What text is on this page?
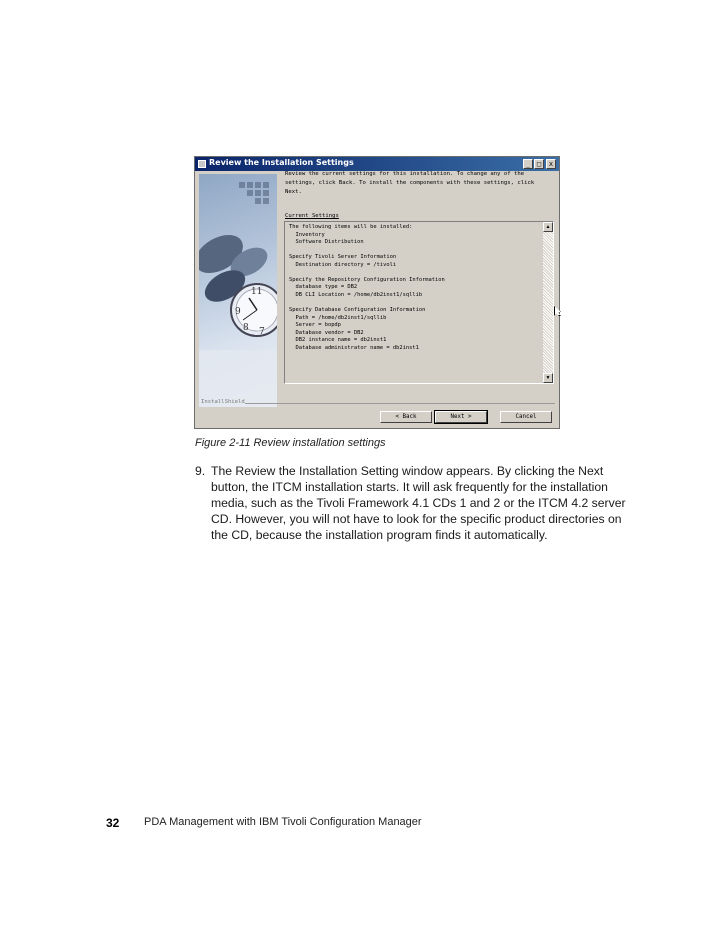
Review the Installation Settings	_ □	x
11
9
8 7
Review the current settings for this installation. To change any of the
settings, click Back. To install the components with these settings, click
Next.
Current Settings
The following items will be installed:
Inventory
Software Distribution
Specify Tivoli Server Information
Destination directory = /tivoli
Specify the Repository Configuration Information
database type = DB2
DB CLI Location = /home/db2inst1/sqllib
Specify Database Configuration Information
Path = /home/db2inst1/sqllib
Server = bopdp
Database vendor = DB2
DB2 instance name = db2inst1
Database administrator name = db2inst1
▲
▼
InstallShield
< Back	Next >	Cancel
Figure 2-11 Review installation settings
9. The Review the Installation Setting window appears. By clicking the Next button, the ITCM installation starts. It will ask frequently for the installation media, such as the Tivoli Framework 4.1 CDs 1 and 2 or the ITCM 4.2 server CD. However, you will not have to look for the specific product directories on the CD, because the installation program finds it automatically.
32 PDA Management with IBM Tivoli Configuration Manager
